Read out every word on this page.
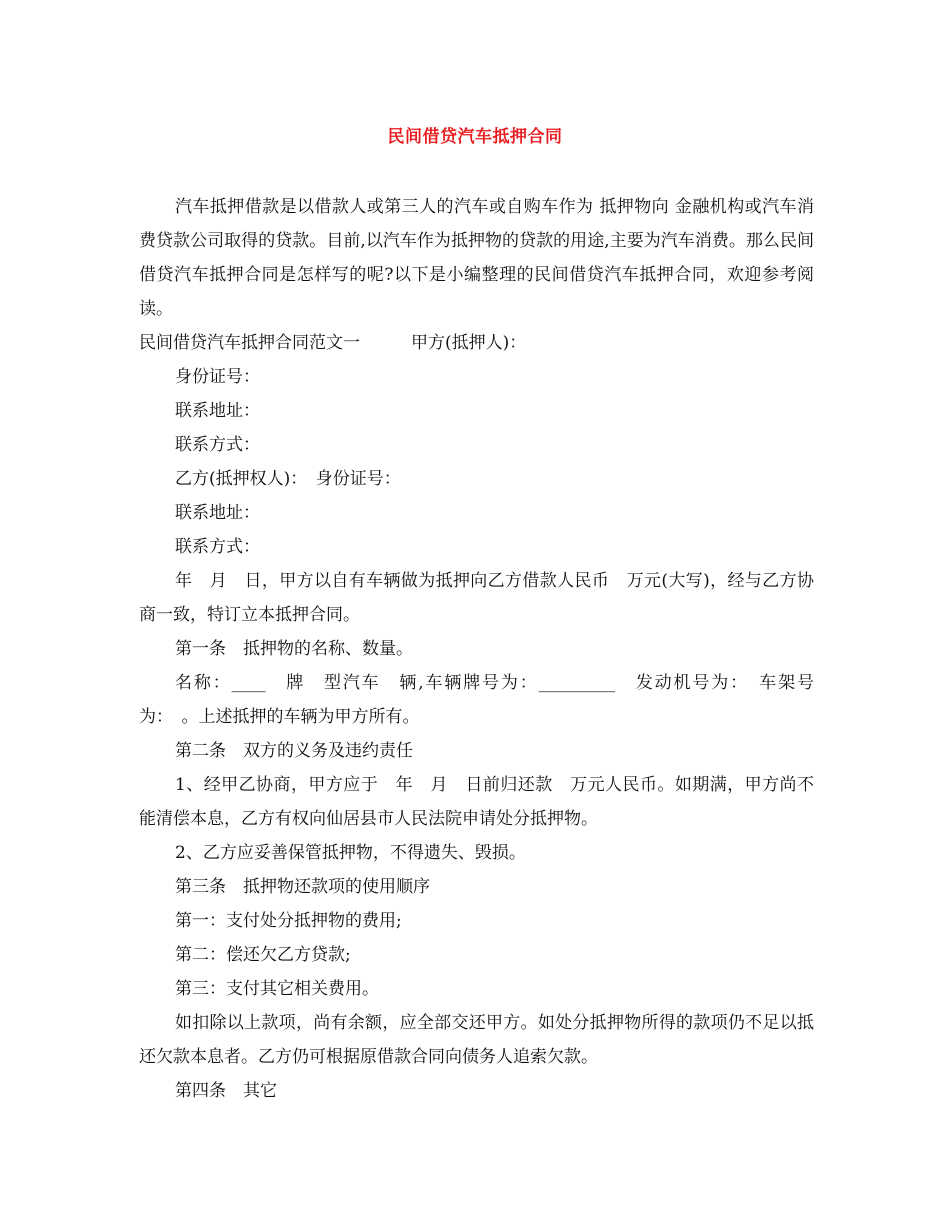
民间借贷汽车抵押合同

汽车抵押借款是以借款人或第三人的汽车或自购车作为 抵押物向 金融机构或汽车消费贷款公司取得的贷款。目前,以汽车作为抵押物的贷款的用途,主要为汽车消费。那么民间借贷汽车抵押合同是怎样写的呢?以下是小编整理的民间借贷汽车抵押合同，欢迎参考阅读。

民间借贷汽车抵押合同范文一　　　甲方(抵押人)：

身份证号：

联系地址：

联系方式：

乙方(抵押权人)：　身份证号：

联系地址：

联系方式：

年　月　日，甲方以自有车辆做为抵押向乙方借款人民币　万元(大写)，经与乙方协商一致，特订立本抵押合同。

第一条　抵押物的名称、数量。

名称：____　牌　型汽车　辆,车辆牌号为：_________　发动机号为：　车架号为：　。上述抵押的车辆为甲方所有。

第二条　双方的义务及违约责任

1、经甲乙协商，甲方应于　年　月　日前归还款　万元人民币。如期满，甲方尚不能清偿本息，乙方有权向仙居县市人民法院申请处分抵押物。

2、乙方应妥善保管抵押物，不得遗失、毁损。

第三条　抵押物还款项的使用顺序

第一：支付处分抵押物的费用;

第二：偿还欠乙方贷款;

第三：支付其它相关费用。

如扣除以上款项，尚有余额，应全部交还甲方。如处分抵押物所得的款项仍不足以抵还欠款本息者。乙方仍可根据原借款合同向债务人追索欠款。

第四条　其它
